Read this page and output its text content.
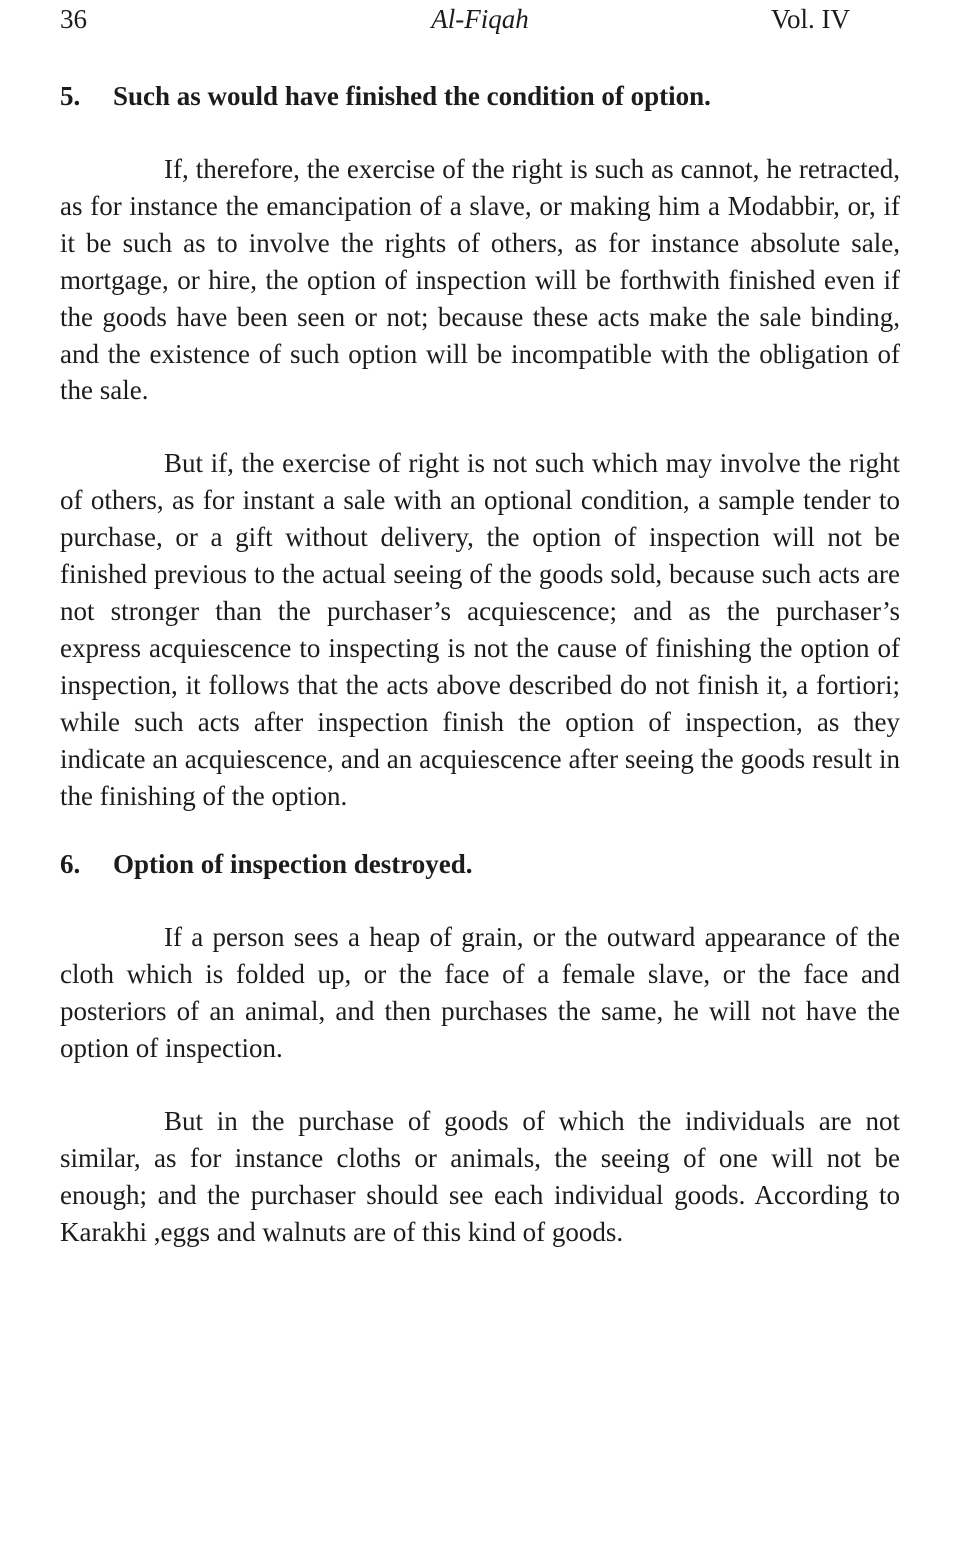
36	Al-Fiqah	Vol. IV
5. Such as would have finished the condition of option.

If, therefore, the exercise of the right is such as cannot, he retracted, as for instance the emancipation of a slave, or making him a Modabbir, or, if it be such as to involve the rights of others, as for instance absolute sale, mortgage, or hire, the option of inspection will be forthwith finished even if the goods have been seen or not; because these acts make the sale binding, and the existence of such option will be incompatible with the obligation of the sale.

But if, the exercise of right is not such which may involve the right of others, as for instant a sale with an optional condition, a sample tender to purchase, or a gift without delivery, the option of inspection will not be finished previous to the actual seeing of the goods sold, because such acts are not stronger than the purchaser’s acquiescence; and as the purchaser’s express acquiescence to inspecting is not the cause of finishing the option of inspection, it follows that the acts above described do not finish it, a fortiori; while such acts after inspection finish the option of inspection, as they indicate an acquiescence, and an acquiescence after seeing the goods result in the finishing of the option.

6. Option of inspection destroyed.

If a person sees a heap of grain, or the outward appearance of the cloth which is folded up, or the face of a female slave, or the face and posteriors of an animal, and then purchases the same, he will not have the option of inspection.

But in the purchase of goods of which the individuals are not similar, as for instance cloths or animals, the seeing of one will not be enough; and the purchaser should see each individual goods. According to Karakhi ,eggs and walnuts are of this kind of goods.
